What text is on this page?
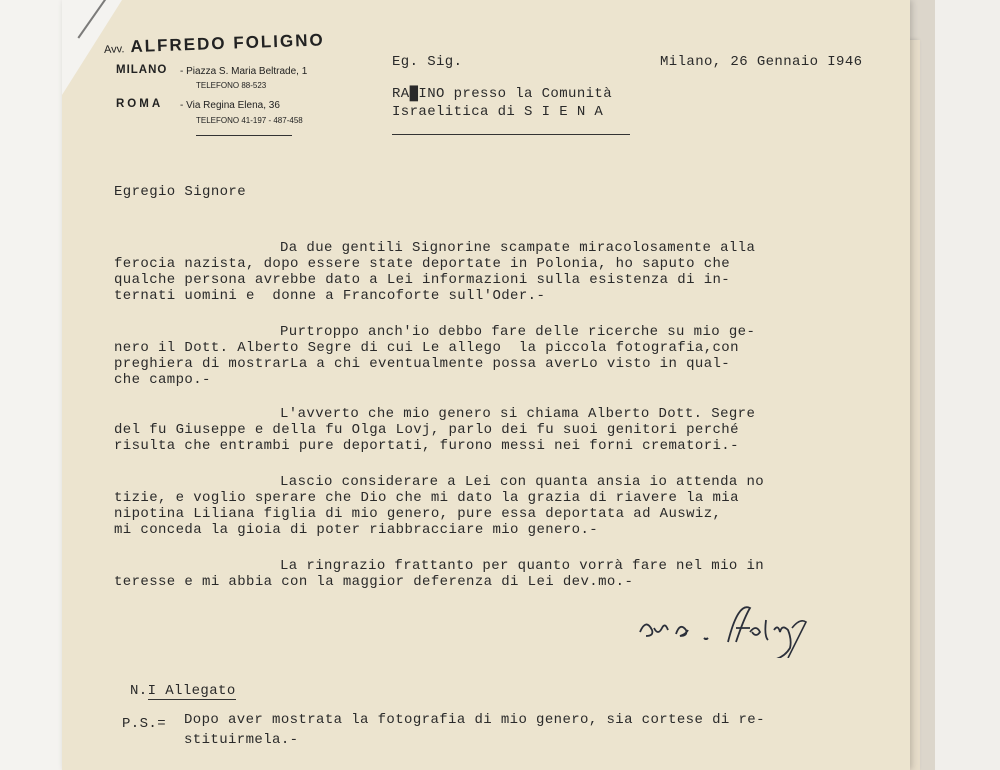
Avv. ALFREDO FOLIGNO
MILANO - Piazza S. Maria Beltrade, 1
TELEFONO 88-523
ROMA - Via Regina Elena, 36
TELEFONO 41-197 - 487-458
Eg. Sig.
RA█INO presso la Comunità
Israelitica di S I E N A
Milano, 26 Gennaio I946
Egregio Signore
Da due gentili Signorine scampate miracolosamente alla
ferocia nazista, dopo essere state deportate in Polonia, ho saputo che
qualche persona avrebbe dato a Lei informazioni sulla esistenza di in-
ternati uomini e  donne a Francoforte sull'Oder.-
Purtroppo anch'io debbo fare delle ricerche su mio ge-
nero il Dott. Alberto Segre di cui Le allego  la piccola fotografia,con
preghiera di mostrarLa a chi eventualmente possa averLo visto in qual-
che campo.-
L'avverto che mio genero si chiama Alberto Dott. Segre
del fu Giuseppe e della fu Olga Lovj, parlo dei fu suoi genitori perché
risulta che entrambi pure deportati, furono messi nei forni crematori.-
Lascio considerare a Lei con quanta ansia io attenda no
tizie, e voglio sperare che Dio che mi dato la grazia di riavere la mia
nipotina Liliana figlia di mio genero, pure essa deportata ad Auswiz,
mi conceda la gioia di poter riabbracciare mio genero.-
La ringrazio frattanto per quanto vorrà fare nel mio in
teresse e mi abbia con la maggior deferenza di Lei dev.mo.-
N.I Allegato
P.S.= Dopo aver mostrata la fotografia di mio genero, sia cortese di re-
stituirmela.-
